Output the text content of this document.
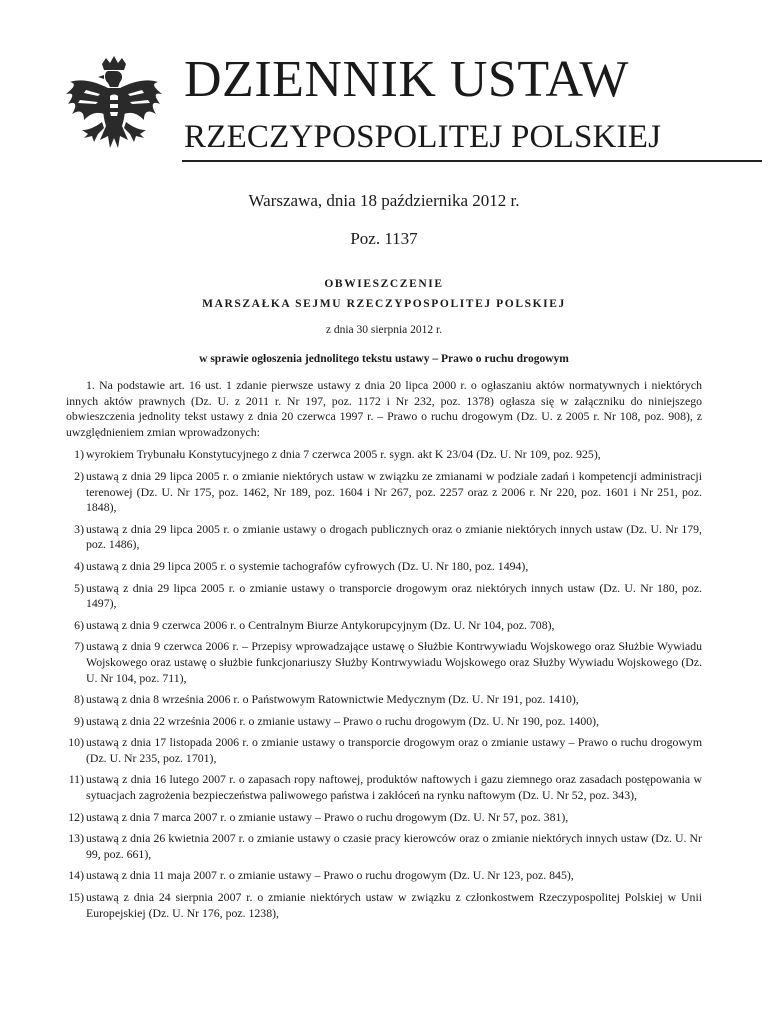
DZIENNIK USTAW
RZECZYPOSPOLITEJ POLSKIEJ
Warszawa, dnia 18 października 2012 r.
Poz. 1137
OBWIESZCZENIE
MARSZAŁKA SEJMU RZECZYPOSPOLITEJ POLSKIEJ
z dnia 30 sierpnia 2012 r.
w sprawie ogłoszenia jednolitego tekstu ustawy – Prawo o ruchu drogowym

1. Na podstawie art. 16 ust. 1 zdanie pierwsze ustawy z dnia 20 lipca 2000 r. o ogłaszaniu aktów normatywnych i niektórych innych aktów prawnych (Dz. U. z 2011 r. Nr 197, poz. 1172 i Nr 232, poz. 1378) ogłasza się w załączniku do niniejszego obwieszczenia jednolity tekst ustawy z dnia 20 czerwca 1997 r. – Prawo o ruchu drogowym (Dz. U. z 2005 r. Nr 108, poz. 908), z uwzględnieniem zmian wprowadzonych:

1) wyrokiem Trybunału Konstytucyjnego z dnia 7 czerwca 2005 r. sygn. akt K 23/04 (Dz. U. Nr 109, poz. 925),
2) ustawą z dnia 29 lipca 2005 r. o zmianie niektórych ustaw w związku ze zmianami w podziale zadań i kompetencji administracji terenowej (Dz. U. Nr 175, poz. 1462, Nr 189, poz. 1604 i Nr 267, poz. 2257 oraz z 2006 r. Nr 220, poz. 1601 i Nr 251, poz. 1848),
3) ustawą z dnia 29 lipca 2005 r. o zmianie ustawy o drogach publicznych oraz o zmianie niektórych innych ustaw (Dz. U. Nr 179, poz. 1486),
4) ustawą z dnia 29 lipca 2005 r. o systemie tachografów cyfrowych (Dz. U. Nr 180, poz. 1494),
5) ustawą z dnia 29 lipca 2005 r. o zmianie ustawy o transporcie drogowym oraz niektórych innych ustaw (Dz. U. Nr 180, poz. 1497),
6) ustawą z dnia 9 czerwca 2006 r. o Centralnym Biurze Antykorupcyjnym (Dz. U. Nr 104, poz. 708),
7) ustawą z dnia 9 czerwca 2006 r. – Przepisy wprowadzające ustawę o Służbie Kontrwywiadu Wojskowego oraz Służbie Wywiadu Wojskowego oraz ustawę o służbie funkcjonariuszy Służby Kontrwywiadu Wojskowego oraz Służby Wywiadu Wojskowego (Dz. U. Nr 104, poz. 711),
8) ustawą z dnia 8 września 2006 r. o Państwowym Ratownictwie Medycznym (Dz. U. Nr 191, poz. 1410),
9) ustawą z dnia 22 września 2006 r. o zmianie ustawy – Prawo o ruchu drogowym (Dz. U. Nr 190, poz. 1400),
10) ustawą z dnia 17 listopada 2006 r. o zmianie ustawy o transporcie drogowym oraz o zmianie ustawy – Prawo o ruchu drogowym (Dz. U. Nr 235, poz. 1701),
11) ustawą z dnia 16 lutego 2007 r. o zapasach ropy naftowej, produktów naftowych i gazu ziemnego oraz zasadach postępowania w sytuacjach zagrożenia bezpieczeństwa paliwowego państwa i zakłóceń na rynku naftowym (Dz. U. Nr 52, poz. 343),
12) ustawą z dnia 7 marca 2007 r. o zmianie ustawy – Prawo o ruchu drogowym (Dz. U. Nr 57, poz. 381),
13) ustawą z dnia 26 kwietnia 2007 r. o zmianie ustawy o czasie pracy kierowców oraz o zmianie niektórych innych ustaw (Dz. U. Nr 99, poz. 661),
14) ustawą z dnia 11 maja 2007 r. o zmianie ustawy – Prawo o ruchu drogowym (Dz. U. Nr 123, poz. 845),
15) ustawą z dnia 24 sierpnia 2007 r. o zmianie niektórych ustaw w związku z członkostwem Rzeczypospolitej Polskiej w Unii Europejskiej (Dz. U. Nr 176, poz. 1238),
